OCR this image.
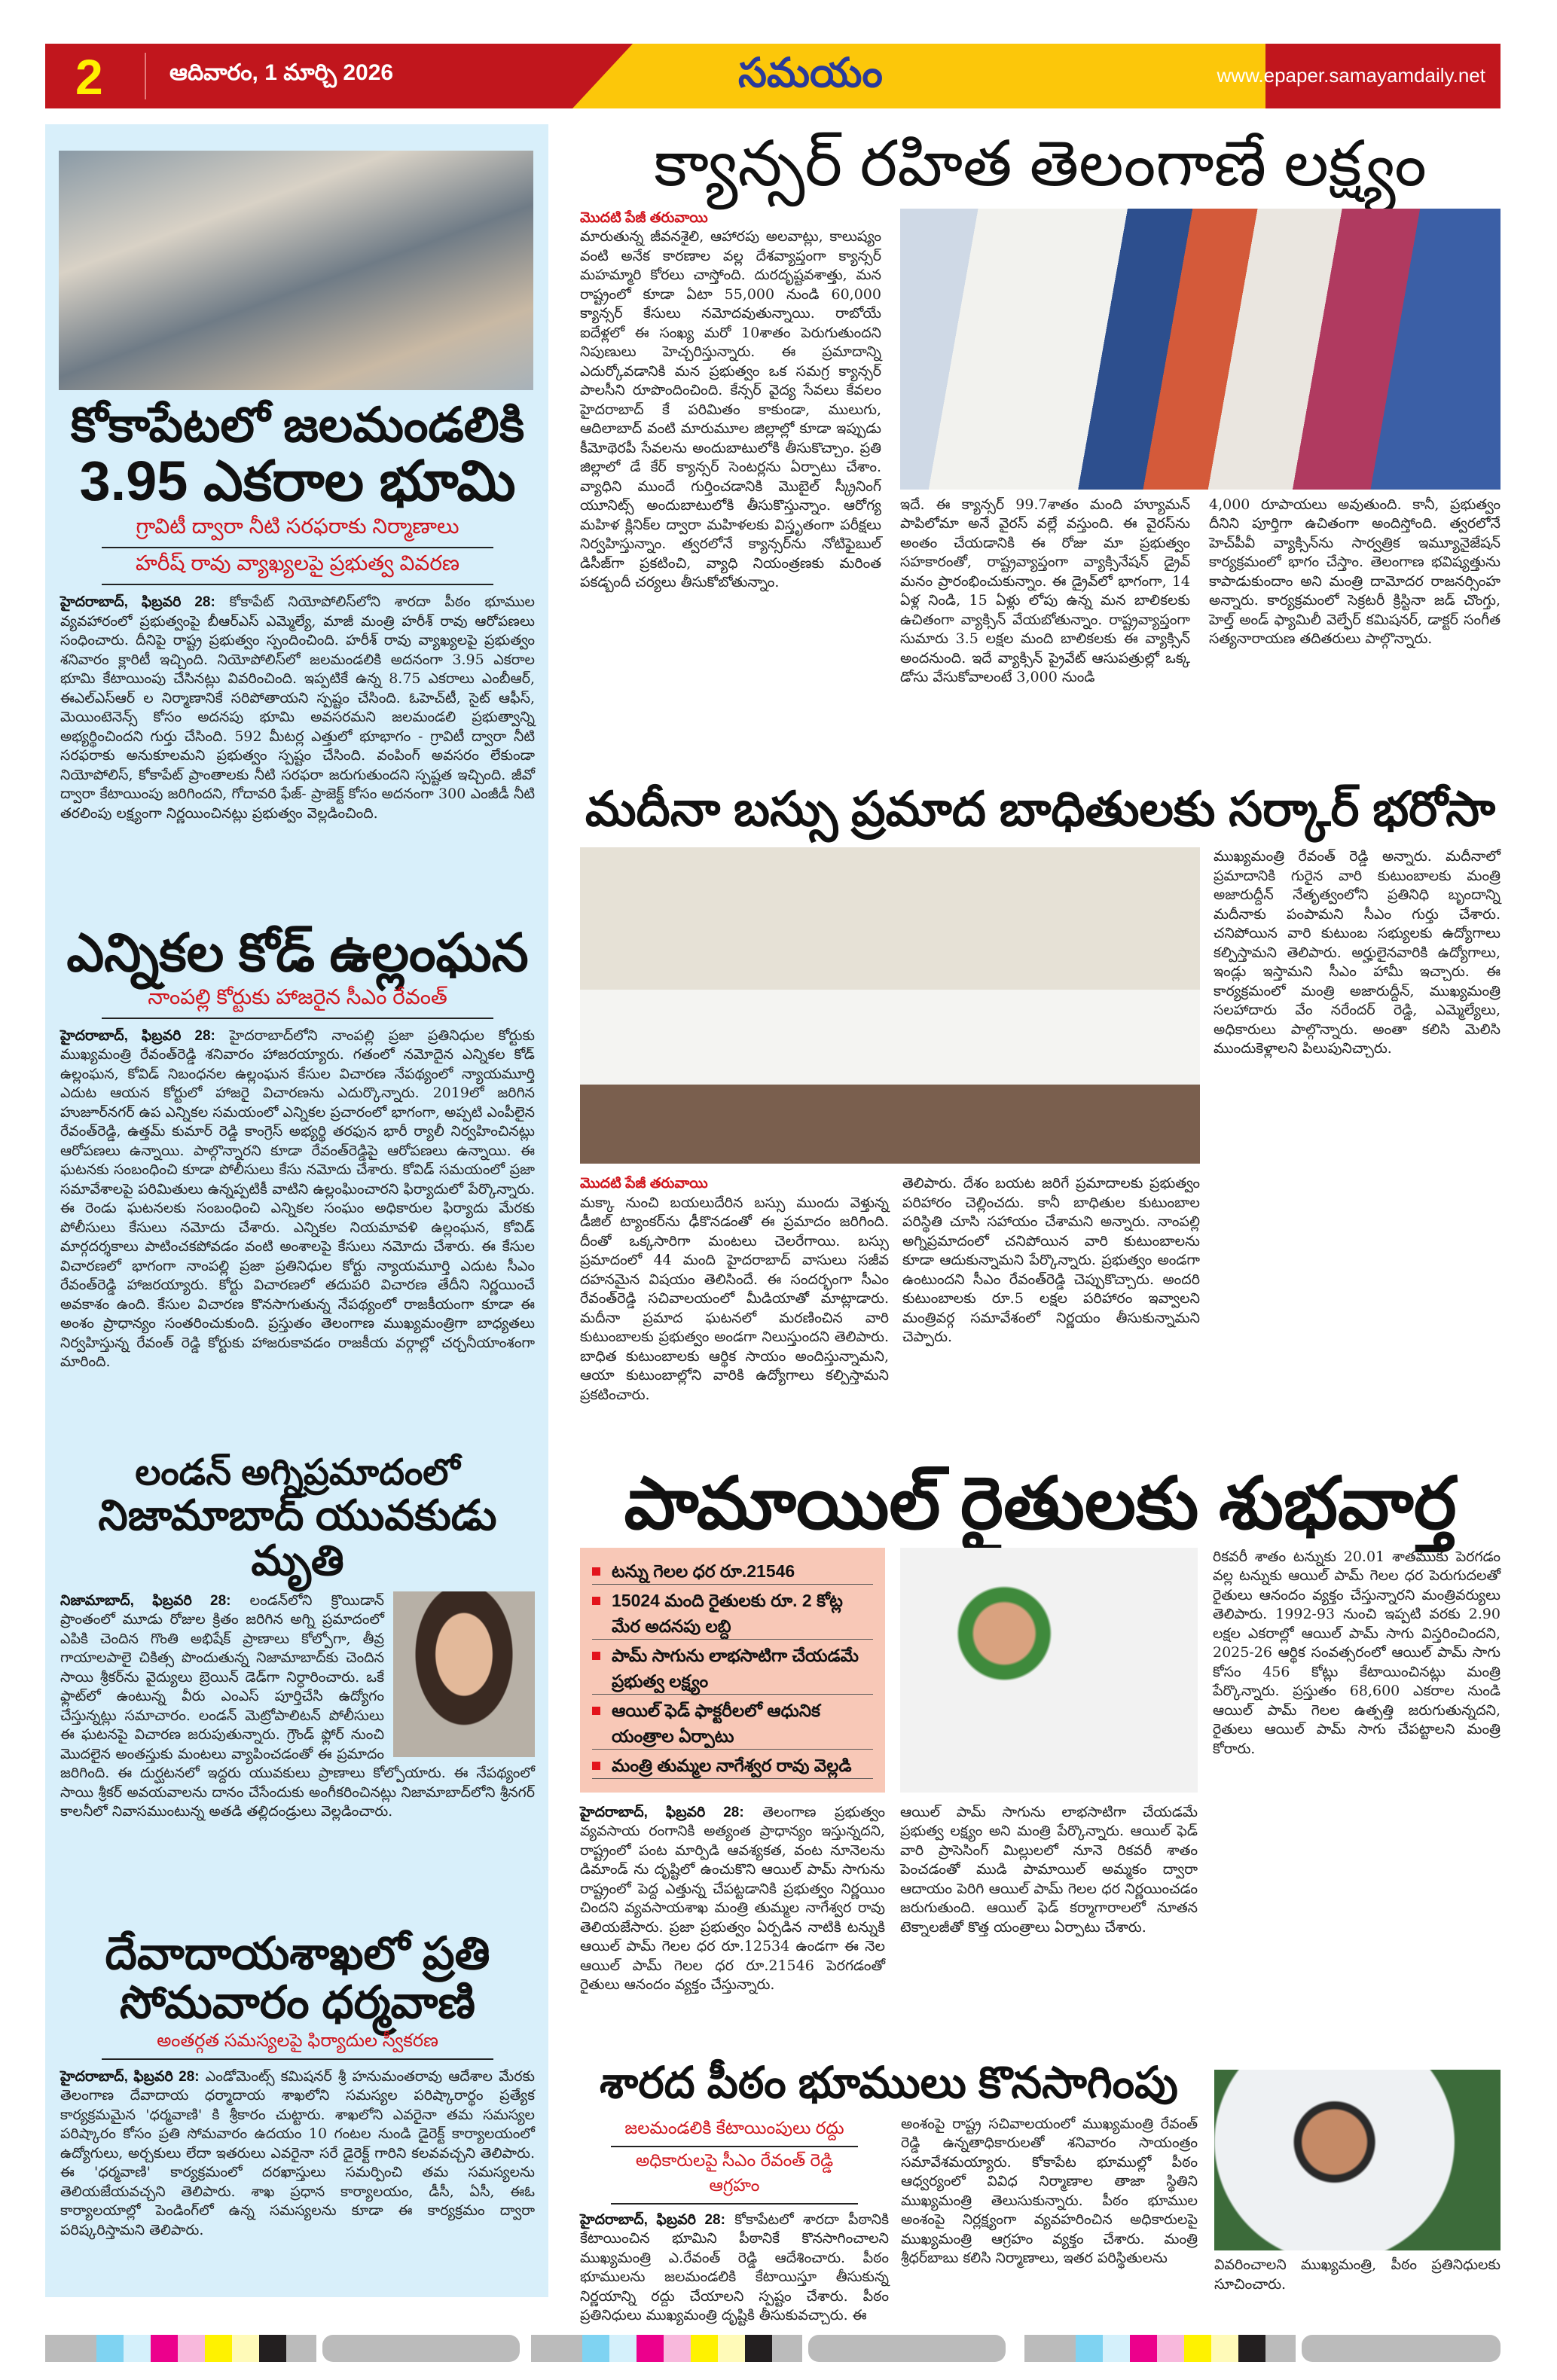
2	ఆదివారం, 1 మార్చి 2026	సమయం	www.epaper.samayamdaily.net
కోకాపేటలో జలమండలికి
3.95 ఎకరాల భూమి
గ్రావిటీ ద్వారా నీటి సరఫరాకు నిర్మాణాలు
హరీష్ రావు వ్యాఖ్యలపై ప్రభుత్వ వివరణ
హైదరాబాద్, ఫిబ్రవరి 28: కోకాపేట్ నియోపోలిస్‌లోని శారదా పీఠం భూముల వ్యవహారంలో ప్రభుత్వంపై బీఆర్ఎస్ ఎమ్మెల్యే, మాజీ మంత్రి హరీశ్ రావు ఆరోపణలు సంధించారు. దీనిపై రాష్ట్ర ప్రభుత్వం స్పందించింది. హరీశ్ రావు వ్యాఖ్యలపై ప్రభుత్వం శనివారం క్లారిటీ ఇచ్చింది. నియోపోలిస్‌లో జలమండలికి అదనంగా 3.95 ఎకరాల భూమి కేటాయింపు చేసినట్లు వివరించింది. ఇప్పటికే ఉన్న 8.75 ఎకరాలు ఎంబీఆర్, ఈఎల్ఎస్ఆర్ ల నిర్మాణానికే సరిపోతాయని స్పష్టం చేసింది. ఓహెచ్‌టీ, సైట్ ఆఫీస్, మెయింటెనెన్స్ కోసం అదనపు భూమి అవసరమని జలమండలి ప్రభుత్వాన్ని అభ్యర్థించిందని గుర్తు చేసింది. 592 మీటర్ల ఎత్తులో భూభాగం - గ్రావిటీ ద్వారా నీటి సరఫరాకు అనుకూలమని ప్రభుత్వం స్పష్టం చేసింది. వంపింగ్ అవసరం లేకుండా నియోపోలిస్, కోకాపేట్ ప్రాంతాలకు నీటి సరఫరా జరుగుతుందని స్పష్టత ఇచ్చింది. జీవో ద్వారా కేటాయింపు జరిగిందని, గోదావరి ఫేజ్- ప్రాజెక్ట్ కోసం అదనంగా 300 ఎంజీడీ నీటి తరలింపు లక్ష్యంగా నిర్ణయించినట్లు ప్రభుత్వం వెల్లడించింది.
ఎన్నికల కోడ్ ఉల్లంఘన
నాంపల్లి కోర్టుకు హాజరైన సీఎం రేవంత్
హైదరాబాద్, ఫిబ్రవరి 28: హైదరాబాద్‌లోని నాంపల్లి ప్రజా ప్రతినిధుల కోర్టుకు ముఖ్యమంత్రి రేవంత్‌రెడ్డి శనివారం హాజరయ్యారు. గతంలో నమోదైన ఎన్నికల కోడ్ ఉల్లంఘన, కోవిడ్ నిబంధనల ఉల్లంఘన కేసుల విచారణ నేపథ్యంలో న్యాయమూర్తి ఎదుట ఆయన కోర్టులో హాజరై విచారణను ఎదుర్కొన్నారు. 2019లో జరిగిన హుజూర్‌నగర్ ఉప ఎన్నికల సమయంలో ఎన్నికల ప్రచారంలో భాగంగా, అప్పటి ఎంపీలైన రేవంత్‌రెడ్డి, ఉత్తమ్ కుమార్ రెడ్డి కాంగ్రెస్ అభ్యర్థి తరఫున భారీ ర్యాలీ నిర్వహించినట్లు ఆరోపణలు ఉన్నాయి. పాల్గొన్నారని కూడా రేవంత్‌రెడ్డిపై ఆరోపణలు ఉన్నాయి. ఈ ఘటనకు సంబంధించి కూడా పోలీసులు కేసు నమోదు చేశారు. కోవిడ్ సమయంలో ప్రజా సమావేశాలపై పరిమితులు ఉన్నప్పటికీ వాటిని ఉల్లంఘించారని ఫిర్యాదులో పేర్కొన్నారు. ఈ రెండు ఘటనలకు సంబంధించి ఎన్నికల సంఘం అధికారుల ఫిర్యాదు మేరకు పోలీసులు కేసులు నమోదు చేశారు. ఎన్నికల నియమావళి ఉల్లంఘన, కోవిడ్ మార్గదర్శకాలు పాటించకపోవడం వంటి అంశాలపై కేసులు నమోదు చేశారు. ఈ కేసుల విచారణలో భాగంగా నాంపల్లి ప్రజా ప్రతినిధుల కోర్టు న్యాయమూర్తి ఎదుట సీఎం రేవంత్‌రెడ్డి హాజరయ్యారు. కోర్టు విచారణలో తదుపరి విచారణ తేదీని నిర్ణయించే అవకాశం ఉంది. కేసుల విచారణ కొనసాగుతున్న నేపథ్యంలో రాజకీయంగా కూడా ఈ అంశం ప్రాధాన్యం సంతరించుకుంది. ప్రస్తుతం తెలంగాణ ముఖ్యమంత్రిగా బాధ్యతలు నిర్వహిస్తున్న రేవంత్ రెడ్డి కోర్టుకు హాజరుకావడం రాజకీయ వర్గాల్లో చర్చనీయాంశంగా మారింది.
లండన్ అగ్నిప్రమాదంలో
నిజామాబాద్ యువకుడు మృతి
నిజామాబాద్, ఫిబ్రవరి 28: లండన్‌లోని క్రొయిడాన్ ప్రాంతంలో మూడు రోజుల క్రితం జరిగిన అగ్ని ప్రమాదంలో ఎపికి చెందిన గొంతి అభిషేక్ ప్రాణాలు కోల్పోగా, తీవ్ర గాయాలపాలై చికిత్స పొందుతున్న నిజామాబాద్‌కు చెందిన సాయి శ్రీకర్‌ను వైద్యులు బ్రెయిన్ డెడ్‌గా నిర్ధారించారు. ఒకే ఫ్లాట్‌లో ఉంటున్న వీరు ఎంఎస్ పూర్తిచేసి ఉద్యోగం చేస్తున్నట్లు సమాచారం. లండన్ మెట్రోపాలిటన్ పోలీసులు ఈ ఘటనపై విచారణ జరుపుతున్నారు. గ్రౌండ్ ఫ్లోర్ నుంచి మొదలైన అంతస్తుకు మంటలు వ్యాపించడంతో ఈ ప్రమాదం జరిగింది. ఈ దుర్ఘటనలో ఇద్దరు యువకులు ప్రాణాలు కోల్పోయారు. ఈ నేపథ్యంలో సాయి శ్రీకర్ అవయవాలను దానం చేసేందుకు అంగీకరించినట్లు నిజామాబాద్‌లోని శ్రీనగర్ కాలనీలో నివాసముంటున్న అతడి తల్లిదండ్రులు వెల్లడించారు.
దేవాదాయశాఖలో ప్రతి
సోమవారం ధర్మవాణి
అంతర్గత సమస్యలపై ఫిర్యాదుల స్వీకరణ
హైదరాబాద్, ఫిబ్రవరి 28: ఎండోమెంట్స్ కమిషనర్ శ్రీ హనుమంతరావు ఆదేశాల మేరకు తెలంగాణ దేవాదాయ ధర్మాదాయ శాఖలోని సమస్యల పరిష్కారార్థం ప్రత్యేక కార్యక్రమమైన 'ధర్మవాణి' కి శ్రీకారం చుట్టారు. శాఖలోని ఎవరైనా తమ సమస్యల పరిష్కారం కోసం ప్రతి సోమవారం ఉదయం 10 గంటల నుండి డైరెక్ట్ కార్యాలయంలో ఉద్యోగులు, అర్చకులు లేదా ఇతరులు ఎవరైనా సరే డైరెక్ట్ గారిని కలవవచ్చని తెలిపారు. ఈ 'ధర్మవాణి' కార్యక్రమంలో దరఖాస్తులు సమర్పించి తమ సమస్యలను తెలియజేయవచ్చని తెలిపారు. శాఖ ప్రధాన కార్యాలయం, డీసీ, ఏసీ, ఈఓ కార్యాలయాల్లో పెండింగ్‌లో ఉన్న సమస్యలను కూడా ఈ కార్యక్రమం ద్వారా పరిష్కరిస్తామని తెలిపారు.
క్యాన్సర్ రహిత తెలంగాణే లక్ష్యం
మొదటి పేజీ తరువాయి
మారుతున్న జీవనశైలి, ఆహారపు అలవాట్లు, కాలుష్యం వంటి అనేక కారణాల వల్ల దేశవ్యాప్తంగా క్యాన్సర్ మహమ్మారి కోరలు చాస్తోంది. దురదృష్టవశాత్తు, మన రాష్ట్రంలో కూడా ఏటా 55,000 నుండి 60,000 క్యాన్సర్ కేసులు నమోదవుతున్నాయి. రాబోయే ఐదేళ్లలో ఈ సంఖ్య మరో 10శాతం పెరుగుతుందని నిపుణులు హెచ్చరిస్తున్నారు. ఈ ప్రమాదాన్ని ఎదుర్కోవడానికి మన ప్రభుత్వం ఒక సమగ్ర క్యాన్సర్ పాలసీని రూపొందించింది. కేన్సర్ వైద్య సేవలు కేవలం హైదరాబాద్ కే పరిమితం కాకుండా, ములుగు, ఆదిలాబాద్ వంటి మారుమూల జిల్లాల్లో కూడా ఇప్పుడు కీమోథెరపీ సేవలను అందుబాటులోకి తీసుకొచ్చాం. ప్రతి జిల్లాలో డే కేర్ క్యాన్సర్ సెంటర్లను ఏర్పాటు చేశాం. వ్యాధిని ముందే గుర్తించడానికి మొబైల్ స్క్రీనింగ్ యూనిట్స్ అందుబాటులోకి తీసుకొస్తున్నాం. ఆరోగ్య మహిళ క్లినిక్‌ల ద్వారా మహిళలకు విస్తృతంగా పరీక్షలు నిర్వహిస్తున్నాం. త్వరలోనే క్యాన్సర్‌ను నోటిఫైబుల్ డిసీజ్‌గా ప్రకటించి, వ్యాధి నియంత్రణకు మరింత పకడ్బందీ చర్యలు తీసుకోబోతున్నాం.
ఇదే. ఈ క్యాన్సర్ 99.7శాతం మంది హ్యూమన్ పాపిలోమా అనే వైరస్ వల్లే వస్తుంది. ఈ వైరస్‌ను అంతం చేయడానికి ఈ రోజు మా ప్రభుత్వం సహకారంతో, రాష్ట్రవ్యాప్తంగా వ్యాక్సినేషన్ డ్రైవ్ మనం ప్రారంభించుకున్నాం. ఈ డ్రైవ్‌లో భాగంగా, 14 ఏళ్ల నిండి, 15 ఏళ్లు లోపు ఉన్న మన బాలికలకు ఉచితంగా వ్యాక్సిన్ వేయబోతున్నాం. రాష్ట్రవ్యాప్తంగా సుమారు 3.5 లక్షల మంది బాలికలకు ఈ వ్యాక్సిన్ అందనుంది. ఇదే వ్యాక్సిన్ ప్రైవేట్ ఆసుపత్రుల్లో ఒక్క డోసు వేసుకోవాలంటే 3,000 నుండి
4,000 రూపాయలు అవుతుంది. కానీ, ప్రభుత్వం దీనిని పూర్తిగా ఉచితంగా అందిస్తోంది. త్వరలోనే హెచ్‌పీవీ వ్యాక్సిన్‌ను సార్వత్రిక ఇమ్యూనైజేషన్ కార్యక్రమంలో భాగం చేస్తాం. తెలంగాణ భవిష్యత్తును కాపాడుకుందాం అని మంత్రి దామోదర రాజనర్సింహ అన్నారు. కార్యక్రమంలో సెక్రటరీ క్రిస్టినా జడ్ చొంగ్తు, హెల్త్ అండ్ ఫ్యామిలీ వెల్ఫేర్ కమిషనర్, డాక్టర్ సంగీత సత్యనారాయణ తదితరులు పాల్గొన్నారు.
మదీనా బస్సు ప్రమాద బాధితులకు సర్కార్ భరోసా
ముఖ్యమంత్రి రేవంత్ రెడ్డి అన్నారు. మదీనాలో ప్రమాదానికి గురైన వారి కుటుంబాలకు మంత్రి అజారుద్దీన్ నేతృత్వంలోని ప్రతినిధి బృందాన్ని మదీనాకు పంపామని సీఎం గుర్తు చేశారు. చనిపోయిన వారి కుటుంబ సభ్యులకు ఉద్యోగాలు కల్పిస్తామని తెలిపారు. అర్హులైనవారికి ఉద్యోగాలు, ఇండ్లు ఇస్తామని సీఎం హామీ ఇచ్చారు. ఈ కార్యక్రమంలో మంత్రి అజారుద్దీన్, ముఖ్యమంత్రి సలహాదారు వేం నరేందర్ రెడ్డి, ఎమ్మెల్యేలు, అధికారులు పాల్గొన్నారు. అంతా కలిసి మెలిసి ముందుకెళ్లాలని పిలుపునిచ్చారు.
మొదటి పేజీ తరువాయి
మక్కా నుంచి బయలుదేరిన బస్సు ముందు వెళ్తున్న డీజిల్ ట్యాంకర్‌ను ఢీకొనడంతో ఈ ప్రమాదం జరిగింది. దీంతో ఒక్కసారిగా మంటలు చెలరేగాయి. బస్సు ప్రమాదంలో 44 మంది హైదరాబాద్ వాసులు సజీవ దహనమైన విషయం తెలిసిందే. ఈ సందర్భంగా సీఎం రేవంత్‌రెడ్డి సచివాలయంలో మీడియాతో మాట్లాడారు. మదీనా ప్రమాద ఘటనలో మరణించిన వారి కుటుంబాలకు ప్రభుత్వం అండగా నిలుస్తుందని తెలిపారు. బాధిత కుటుంబాలకు ఆర్థిక సాయం అందిస్తున్నామని, ఆయా కుటుంబాల్లోని వారికి ఉద్యోగాలు కల్పిస్తామని ప్రకటించారు.
తెలిపారు. దేశం బయట జరిగే ప్రమాదాలకు ప్రభుత్వం పరిహారం చెల్లించదు. కానీ బాధితుల కుటుంబాల పరిస్థితి చూసి సహాయం చేశామని అన్నారు. నాంపల్లి అగ్నిప్రమాదంలో చనిపోయిన వారి కుటుంబాలను కూడా ఆదుకున్నామని పేర్కొన్నారు. ప్రభుత్వం అండగా ఉంటుందని సీఎం రేవంత్‌రెడ్డి చెప్పుకొచ్చారు. అందరి కుటుంబాలకు రూ.5 లక్షల పరిహారం ఇవ్వాలని మంత్రివర్గ సమావేశంలో నిర్ణయం తీసుకున్నామని చెప్పారు.
పామాయిల్ రైతులకు శుభవార్త
టన్ను గెలల ధర రూ.21546
15024 మంది రైతులకు రూ. 2 కోట్ల మేర అదనపు లబ్ది
పామ్ సాగును లాభసాటిగా చేయడమే ప్రభుత్వ లక్ష్యం
ఆయిల్ ఫెడ్ ఫాక్టరీలలో ఆధునిక యంత్రాల ఏర్పాటు
మంత్రి తుమ్మల నాగేశ్వర రావు వెల్లడి
రికవరీ శాతం టన్నుకు 20.01 శాతముకు పెరగడం వల్ల టన్నుకు ఆయిల్ పామ్ గెలల ధర పెరుగుదలతో రైతులు ఆనందం వ్యక్తం చేస్తున్నారని మంత్రివర్యులు తెలిపారు. 1992-93 నుంచి ఇప్పటి వరకు 2.90 లక్షల ఎకరాల్లో ఆయిల్ పామ్ సాగు విస్తరించిందని, 2025-26 ఆర్థిక సంవత్సరంలో ఆయిల్ పామ్ సాగు కోసం 456 కోట్లు కేటాయించినట్లు మంత్రి పేర్కొన్నారు. ప్రస్తుతం 68,600 ఎకరాల నుండి ఆయిల్ పామ్ గెలల ఉత్పత్తి జరుగుతున్నదని, రైతులు ఆయిల్ పామ్ సాగు చేపట్టాలని మంత్రి కోరారు.
హైదరాబాద్, ఫిబ్రవరి 28: తెలంగాణ ప్రభుత్వం వ్యవసాయ రంగానికి అత్యంత ప్రాధాన్యం ఇస్తున్నదని, రాష్ట్రంలో పంట మార్పిడి ఆవశ్యకత, వంట నూనెలను డిమాండ్ ను దృష్టిలో ఉంచుకొని ఆయిల్ పామ్ సాగును రాష్ట్రంలో పెద్ద ఎత్తున్న చేపట్టడానికి ప్రభుత్వం నిర్ణయిం చిందని వ్యవసాయశాఖ మంత్రి తుమ్మల నాగేశ్వర రావు తెలియజేసారు. ప్రజా ప్రభుత్వం ఏర్పడిన నాటికి టన్నుకి ఆయిల్ పామ్ గెలల ధర రూ.12534 ఉండగా ఈ నెల ఆయిల్ పామ్ గెలల ధర రూ.21546 పెరగడంతో రైతులు ఆనందం వ్యక్తం చేస్తున్నారు.
ఆయిల్ పామ్ సాగును లాభసాటిగా చేయడమే ప్రభుత్వ లక్ష్యం అని మంత్రి పేర్కొన్నారు. ఆయిల్ ఫెడ్ వారి ప్రాసెసింగ్ మిల్లులలో నూనె రికవరీ శాతం పెంచడంతో ముడి పామాయిల్ అమ్మకం ద్వారా ఆదాయం పెరిగి ఆయిల్ పామ్ గెలల ధర నిర్ణయించడం జరుగుతుంది. ఆయిల్ ఫెడ్ కర్మాగారాలలో నూతన టెక్నాలజీతో కొత్త యంత్రాలు ఏర్పాటు చేశారు.
శారద పీఠం భూములు కొనసాగింపు
జలమండలికి కేటాయింపులు రద్దు
అధికారులపై సీఎం రేవంత్ రెడ్డి ఆగ్రహం
హైదరాబాద్, ఫిబ్రవరి 28: కోకాపేటలో శారదా పీఠానికి కేటాయించిన భూమిని పీఠానికే కొనసాగించాలని ముఖ్యమంత్రి ఎ.రేవంత్ రెడ్డి ఆదేశించారు. పీఠం భూములను జలమండలికి కేటాయిస్తూ తీసుకున్న నిర్ణయాన్ని రద్దు చేయాలని స్పష్టం చేశారు. పీఠం ప్రతినిధులు ముఖ్యమంత్రి దృష్టికి తీసుకువచ్చారు. ఈ
అంశంపై రాష్ట్ర సచివాలయంలో ముఖ్యమంత్రి రేవంత్ రెడ్డి ఉన్నతాధికారులతో శనివారం సాయంత్రం సమావేశమయ్యారు. కోకాపేట భూముల్లో పీఠం ఆధ్వర్యంలో వివిధ నిర్మాణాల తాజా స్థితిని ముఖ్యమంత్రి తెలుసుకున్నారు. పీఠం భూముల అంశంపై నిర్లక్ష్యంగా వ్యవహరించిన అధికారులపై ముఖ్యమంత్రి ఆగ్రహం వ్యక్తం చేశారు. మంత్రి శ్రీధర్‌బాబు కలిసి నిర్మాణాలు, ఇతర పరిస్థితులను	వివరించాలని ముఖ్యమంత్రి, పీఠం ప్రతినిధులకు సూచించారు.
